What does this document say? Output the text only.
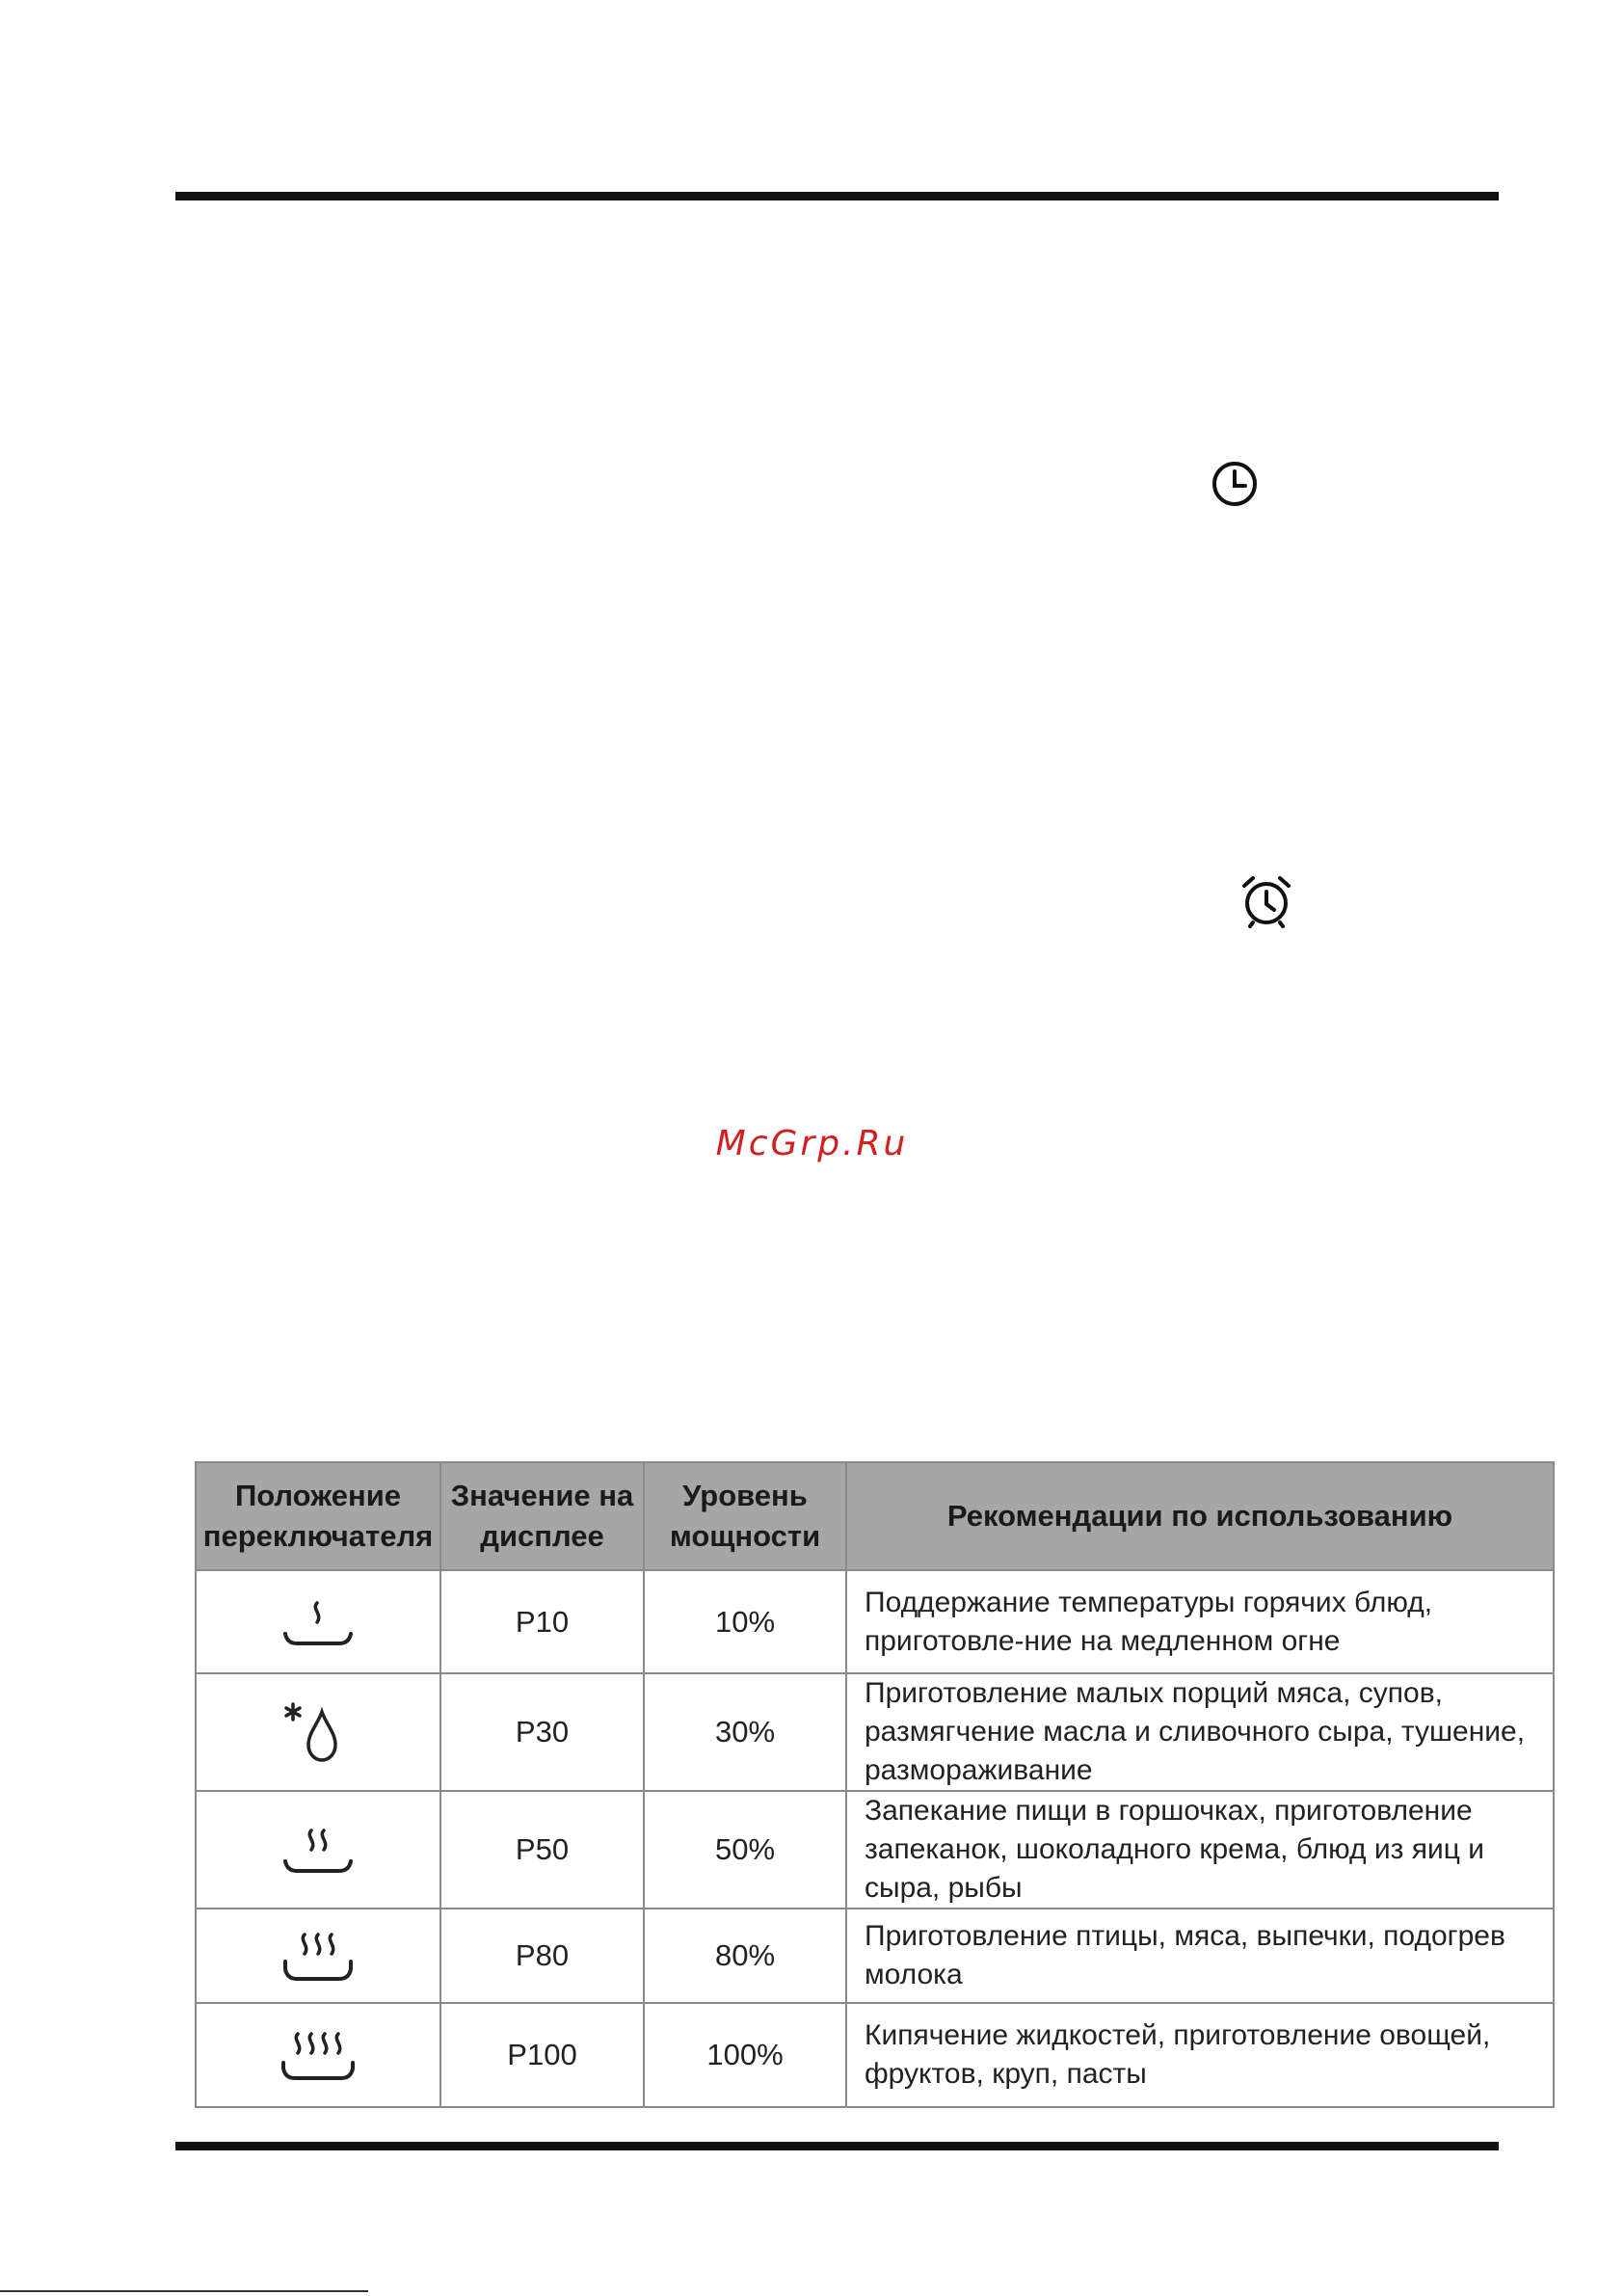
McGrp.Ru
Положение переключателя	Значение на дисплее	Уровень мощности	Рекомендации по использованию

	P10	10%	Поддержание температуры горячих блюд, приготовле-ние на медленном огне

	P30	30%	Приготовление малых порций мяса, супов, размягчение масла и сливочного сыра, тушение, размораживание

	P50	50%	Запекание пищи в горшочках, приготовление запеканок, шоколадного крема, блюд из яиц и сыра, рыбы

	P80	80%	Приготовление птицы, мяса, выпечки, подогрев молока

	P100	100%	Кипячение жидкостей, приготовление овощей, фруктов, круп, пасты
